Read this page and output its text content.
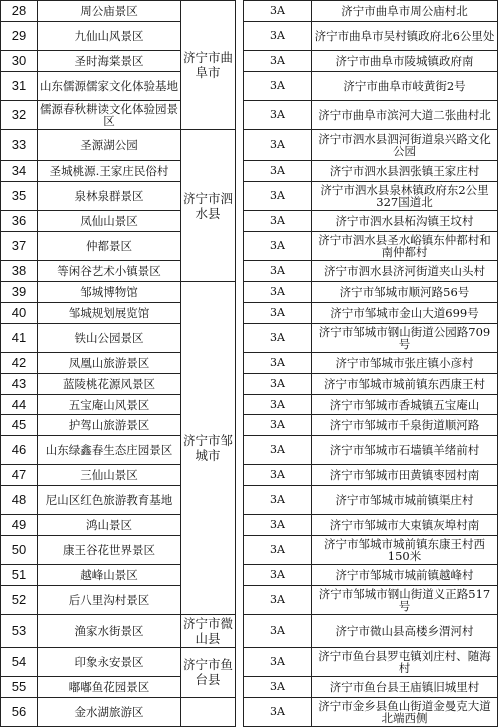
28	周公庙景区	济宁市曲阜市		3A	济宁市曲阜市周公庙村北
29	九仙山风景区			3A	济宁市曲阜市吴村镇政府北6公里处
30	圣时海棠景区			3A	济宁市曲阜市陵城镇政府南
31	山东儒源儒家文化体验基地			3A	济宁市曲阜市岐黄街2号
32	儒源春秋耕读文化体验园景区			3A	济宁市曲阜市滨河大道二张曲村北
33	圣源湖公园	济宁市泗水县		3A	济宁市泗水县泗河街道泉兴路文化公园
34	圣城桃源.王家庄民俗村			3A	济宁市泗水县泗张镇王家庄村
35	泉林泉群景区			3A	济宁市泗水县泉林镇政府东2公里327国道北
36	凤仙山景区			3A	济宁市泗水县柘沟镇王坟村
37	仲都景区			3A	济宁市泗水县圣水峪镇东仲都村和南仲都村
38	等闲谷艺术小镇景区			3A	济宁市泗水县济河街道夹山头村
39	邹城博物馆	济宁市邹城市		3A	济宁市邹城市顺河路56号
40	邹城规划展览馆			3A	济宁市邹城市金山大道699号
41	铁山公园景区			3A	济宁市邹城市钢山街道公园路709号
42	凤凰山旅游景区			3A	济宁市邹城市张庄镇小彦村
43	蓝陵桃花源风景区			3A	济宁市邹城市城前镇东西康王村
44	五宝庵山风景区			3A	济宁市邹城市香城镇五宝庵山
45	护驾山旅游景区			3A	济宁市邹城市千泉街道顺河路
46	山东绿鑫春生态庄园景区			3A	济宁市邹城市石墙镇羊绪前村
47	三仙山景区			3A	济宁市邹城市田黄镇枣园村南
48	尼山区红色旅游教育基地			3A	济宁市邹城市城前镇渠庄村
49	鸿山景区			3A	济宁市邹城市大束镇灰埠村南
50	康王谷花世界景区			3A	济宁市邹城市城前镇东康王村西150米
51	越峰山景区			3A	济宁市邹城市城前镇越峰村
52	后八里沟村景区			3A	济宁市邹城市钢山街道义正路517号
53	渔家水街景区	济宁市微山县		3A	济宁市微山县高楼乡渭河村
54	印象永安景区	济宁市鱼台县		3A	济宁市鱼台县罗屯镇刘庄村、随海村
55	嘟嘟鱼花园景区			3A	济宁市鱼台县王庙镇旧城里村
56	金水湖旅游区			3A	济宁市金乡县鱼山街道金曼克大道北端西侧
